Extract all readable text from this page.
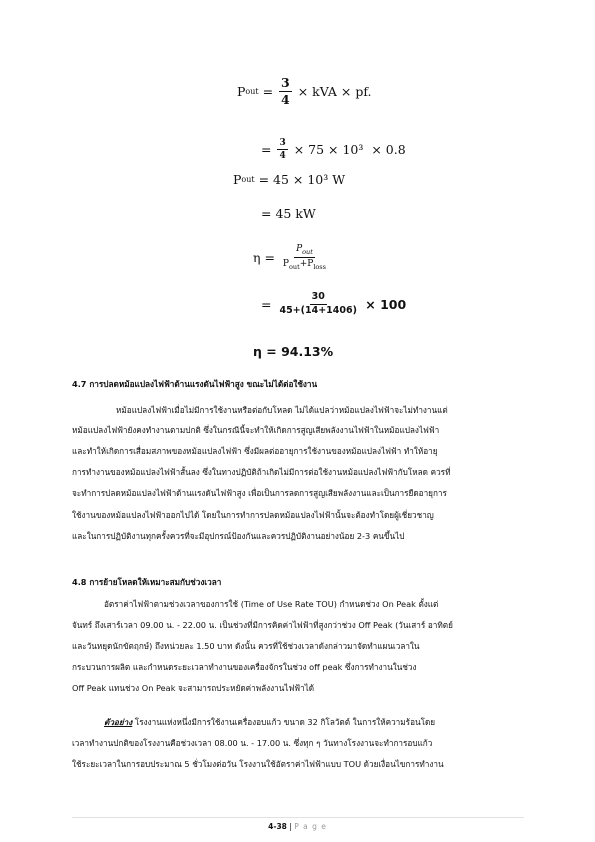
P out = $\frac{3}{4}$ × kVA × pf.
= $\frac{3}{4} \times 75 \times 10^3 \times 0.8$
P out = 45 × 10³ W
= 45 kW
$\eta = \frac{P_{out}}{P_{out}+P_{loss}}$
= $\frac{30}{45+(14+1406)} \times 100$
η = 94.13%
4.7 การปลดหม้อแปลงไฟฟ้าด้านแรงดันไฟฟ้าสูง ขณะไม่ได้ต่อใช้งาน
หม้อแปลงไฟฟ้าเมื่อไม่มีการใช้งานหรือต่อกับโหลด ไม่ได้แปลว่าหม้อแปลงไฟฟ้าจะไม่ทำงานแต่
หม้อแปลงไฟฟ้ายังคงทำงานตามปกติ ซึ่งในกรณีนี้จะทำให้เกิดการสูญเสียพลังงานไฟฟ้าในหม้อแปลงไฟฟ้า
และทำให้เกิดการเสื่อมสภาพของหม้อแปลงไฟฟ้า ซึ่งมีผลต่ออายุการใช้งานของหม้อแปลงไฟฟ้า ทำให้อายุ
การทำงานของหม้อแปลงไฟฟ้าสั้นลง ซึ่งในทางปฏิบัติถ้าเกิดไม่มีการต่อใช้งานหม้อแปลงไฟฟ้ากับโหลด ควรที่
จะทำการปลดหม้อแปลงไฟฟ้าด้านแรงดันไฟฟ้าสูง เพื่อเป็นการลดการสูญเสียพลังงานและเป็นการยืดอายุการ
ใช้งานของหม้อแปลงไฟฟ้าออกไปได้ โดยในการทำการปลดหม้อแปลงไฟฟ้านั้นจะต้องทำโดยผู้เชี่ยวชาญ
และในการปฏิบัติงานทุกครั้งควรที่จะมีอุปกรณ์ป้องกันและควรปฏิบัติงานอย่างน้อย 2-3 คนขึ้นไป
4.8 การย้ายโหลดให้เหมาะสมกับช่วงเวลา
อัตราค่าไฟฟ้าตามช่วงเวลาของการใช้ (Time of Use Rate TOU) กำหนดช่วง On Peak ตั้งแต่
จันทร์ ถึงเสาร์เวลา 09.00 น. - 22.00 น. เป็นช่วงที่มีการคิดค่าไฟฟ้าที่สูงกว่าช่วง Off Peak (วันเสาร์ อาทิตย์
และวันหยุดนักขัตฤกษ์) ถึงหน่วยละ 1.50 บาท ดังนั้น ควรที่ใช้ช่วงเวลาดังกล่าวมาจัดทำแผนเวลาใน
กระบวนการผลิต และกำหนดระยะเวลาทำงานของเครื่องจักรในช่วง off peak ซึ่งการทำงานในช่วง
Off Peak แทนช่วง On Peak จะสามารถประหยัดค่าพลังงานไฟฟ้าได้
ตัวอย่าง โรงงานแห่งหนึ่งมีการใช้งานเครื่องอบแก้ว ขนาด 32 กิโลวัตต์ ในการให้ความร้อนโดย
เวลาทำงานปกติของโรงงานคือช่วงเวลา 08.00 น. - 17.00 น. ซึ่งทุก ๆ วันทางโรงงานจะทำการอบแก้ว
ใช้ระยะเวลาในการอบประมาณ 5 ชั่วโมงต่อวัน โรงงานใช้อัตราค่าไฟฟ้าแบบ TOU ด้วยเงื่อนไขการทำงาน
4-38 | P a g e
